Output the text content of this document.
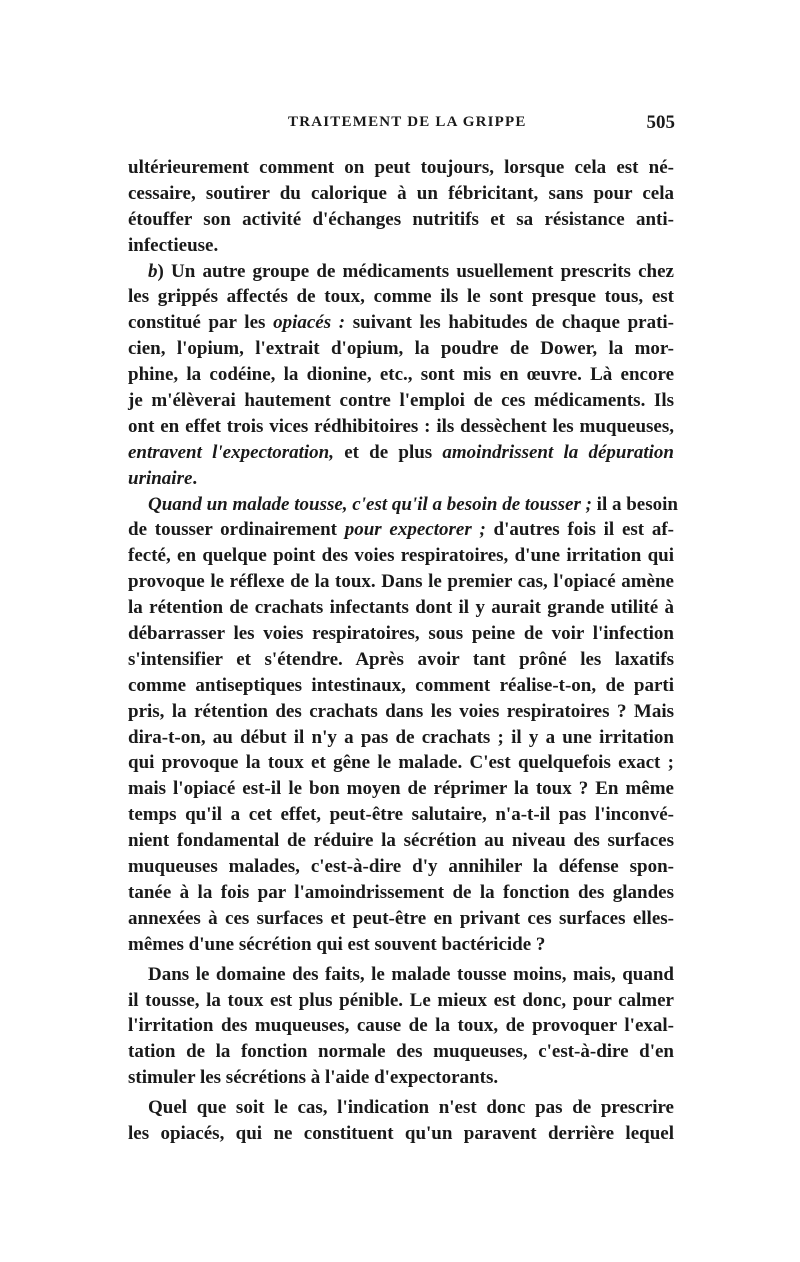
TRAITEMENT DE LA GRIPPE	505
ultérieurement comment on peut toujours, lorsque cela est né-
cessaire, soutirer du calorique à un fébricitant, sans pour cela
étouffer son activité d'échanges nutritifs et sa résistance anti-
infectieuse.
b) Un autre groupe de médicaments usuellement prescrits chez
les grippés affectés de toux, comme ils le sont presque tous, est
constitué par les opiacés : suivant les habitudes de chaque prati-
cien, l'opium, l'extrait d'opium, la poudre de Dower, la mor-
phine, la codéine, la dionine, etc., sont mis en œuvre. Là encore
je m'élèverai hautement contre l'emploi de ces médicaments. Ils
ont en effet trois vices rédhibitoires : ils dessèchent les muqueuses,
entravent l'expectoration, et de plus amoindrissent la dépuration
urinaire.
Quand un malade tousse, c'est qu'il a besoin de tousser ; il a besoin
de tousser ordinairement pour expectorer ; d'autres fois il est af-
fecté, en quelque point des voies respiratoires, d'une irritation qui
provoque le réflexe de la toux. Dans le premier cas, l'opiacé amène
la rétention de crachats infectants dont il y aurait grande utilité à
débarrasser les voies respiratoires, sous peine de voir l'infection
s'intensifier et s'étendre. Après avoir tant prôné les laxatifs
comme antiseptiques intestinaux, comment réalise-t-on, de parti
pris, la rétention des crachats dans les voies respiratoires ? Mais
dira-t-on, au début il n'y a pas de crachats ; il y a une irritation
qui provoque la toux et gêne le malade. C'est quelquefois exact ;
mais l'opiacé est-il le bon moyen de réprimer la toux ? En même
temps qu'il a cet effet, peut-être salutaire, n'a-t-il pas l'inconvé-
nient fondamental de réduire la sécrétion au niveau des surfaces
muqueuses malades, c'est-à-dire d'y annihiler la défense spon-
tanée à la fois par l'amoindrissement de la fonction des glandes
annexées à ces surfaces et peut-être en privant ces surfaces elles-
mêmes d'une sécrétion qui est souvent bactéricide ?
Dans le domaine des faits, le malade tousse moins, mais, quand
il tousse, la toux est plus pénible. Le mieux est donc, pour calmer
l'irritation des muqueuses, cause de la toux, de provoquer l'exal-
tation de la fonction normale des muqueuses, c'est-à-dire d'en
stimuler les sécrétions à l'aide d'expectorants.
Quel que soit le cas, l'indication n'est donc pas de prescrire
les opiacés, qui ne constituent qu'un paravent derrière lequel
